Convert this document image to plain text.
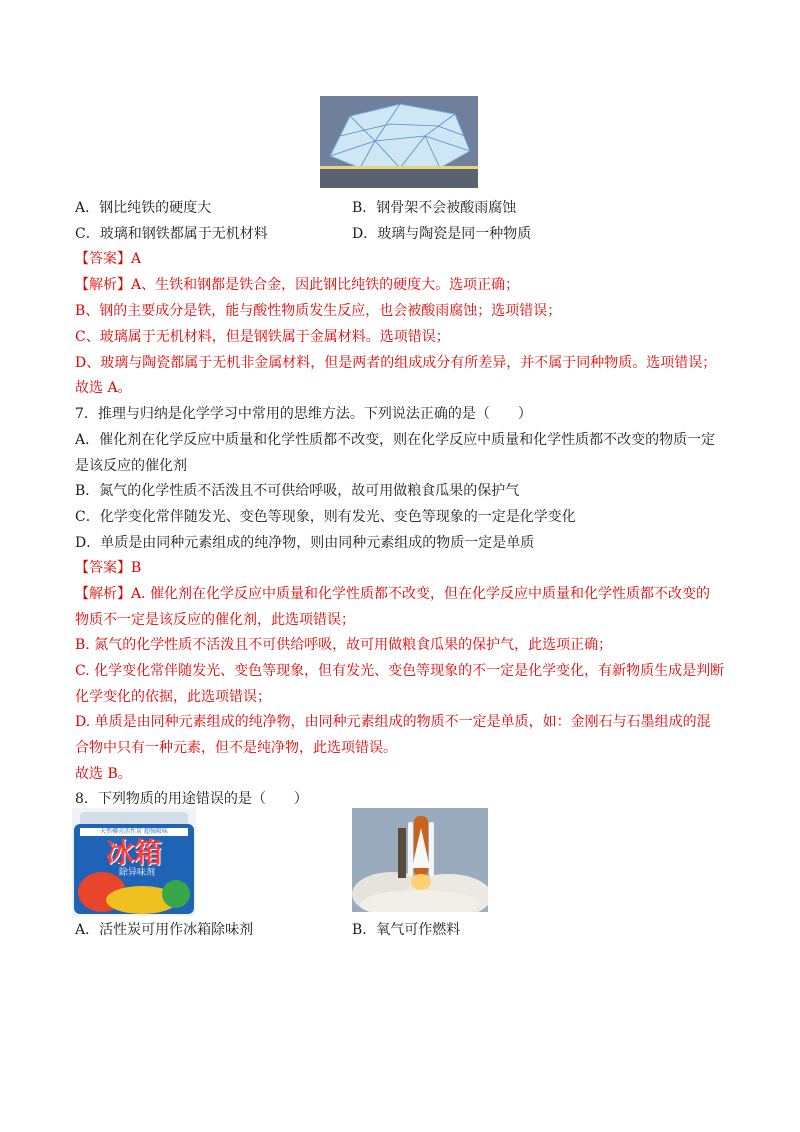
A．钢比纯铁的硬度大	B．钢骨架不会被酸雨腐蚀
C．玻璃和钢铁都属于无机材料	D．玻璃与陶瓷是同一种物质
【答案】A
【解析】A、生铁和钢都是铁合金，因此钢比纯铁的硬度大。选项正确；
B、钢的主要成分是铁，能与酸性物质发生反应，也会被酸雨腐蚀；选项错误；
C、玻璃属于无机材料，但是钢铁属于金属材料。选项错误；
D、玻璃与陶瓷都属于无机非金属材料，但是两者的组成成分有所差异，并不属于同种物质。选项错误；
故选 A。
7．推理与归纳是化学学习中常用的思维方法。下列说法正确的是（　　）
A．催化剂在化学反应中质量和化学性质都不改变，则在化学反应中质量和化学性质都不改变的物质一定
是该反应的催化剂
B．氮气的化学性质不活泼且不可供给呼吸，故可用做粮食瓜果的保护气
C．化学变化常伴随发光、变色等现象，则有发光、变色等现象的一定是化学变化
D．单质是由同种元素组成的纯净物，则由同种元素组成的物质一定是单质
【答案】B
【解析】A. 催化剂在化学反应中质量和化学性质都不改变，但在化学反应中质量和化学性质都不改变的
物质不一定是该反应的催化剂，此选项错误；
B. 氮气的化学性质不活泼且不可供给呼吸，故可用做粮食瓜果的保护气，此选项正确；
C. 化学变化常伴随发光、变色等现象，但有发光、变色等现象的不一定是化学变化，有新物质生成是判断
化学变化的依据，此选项错误；
D. 单质是由同种元素组成的纯净物，由同种元素组成的物质不一定是单质，如：金刚石与石墨组成的混
合物中只有一种元素，但不是纯净物，此选项错误。
故选 B。
8．下列物质的用途错误的是（　　）
天然椰壳活性炭 超强吸味
冰箱
除异味剂
A．活性炭可用作冰箱除味剂	B．氧气可作燃料
